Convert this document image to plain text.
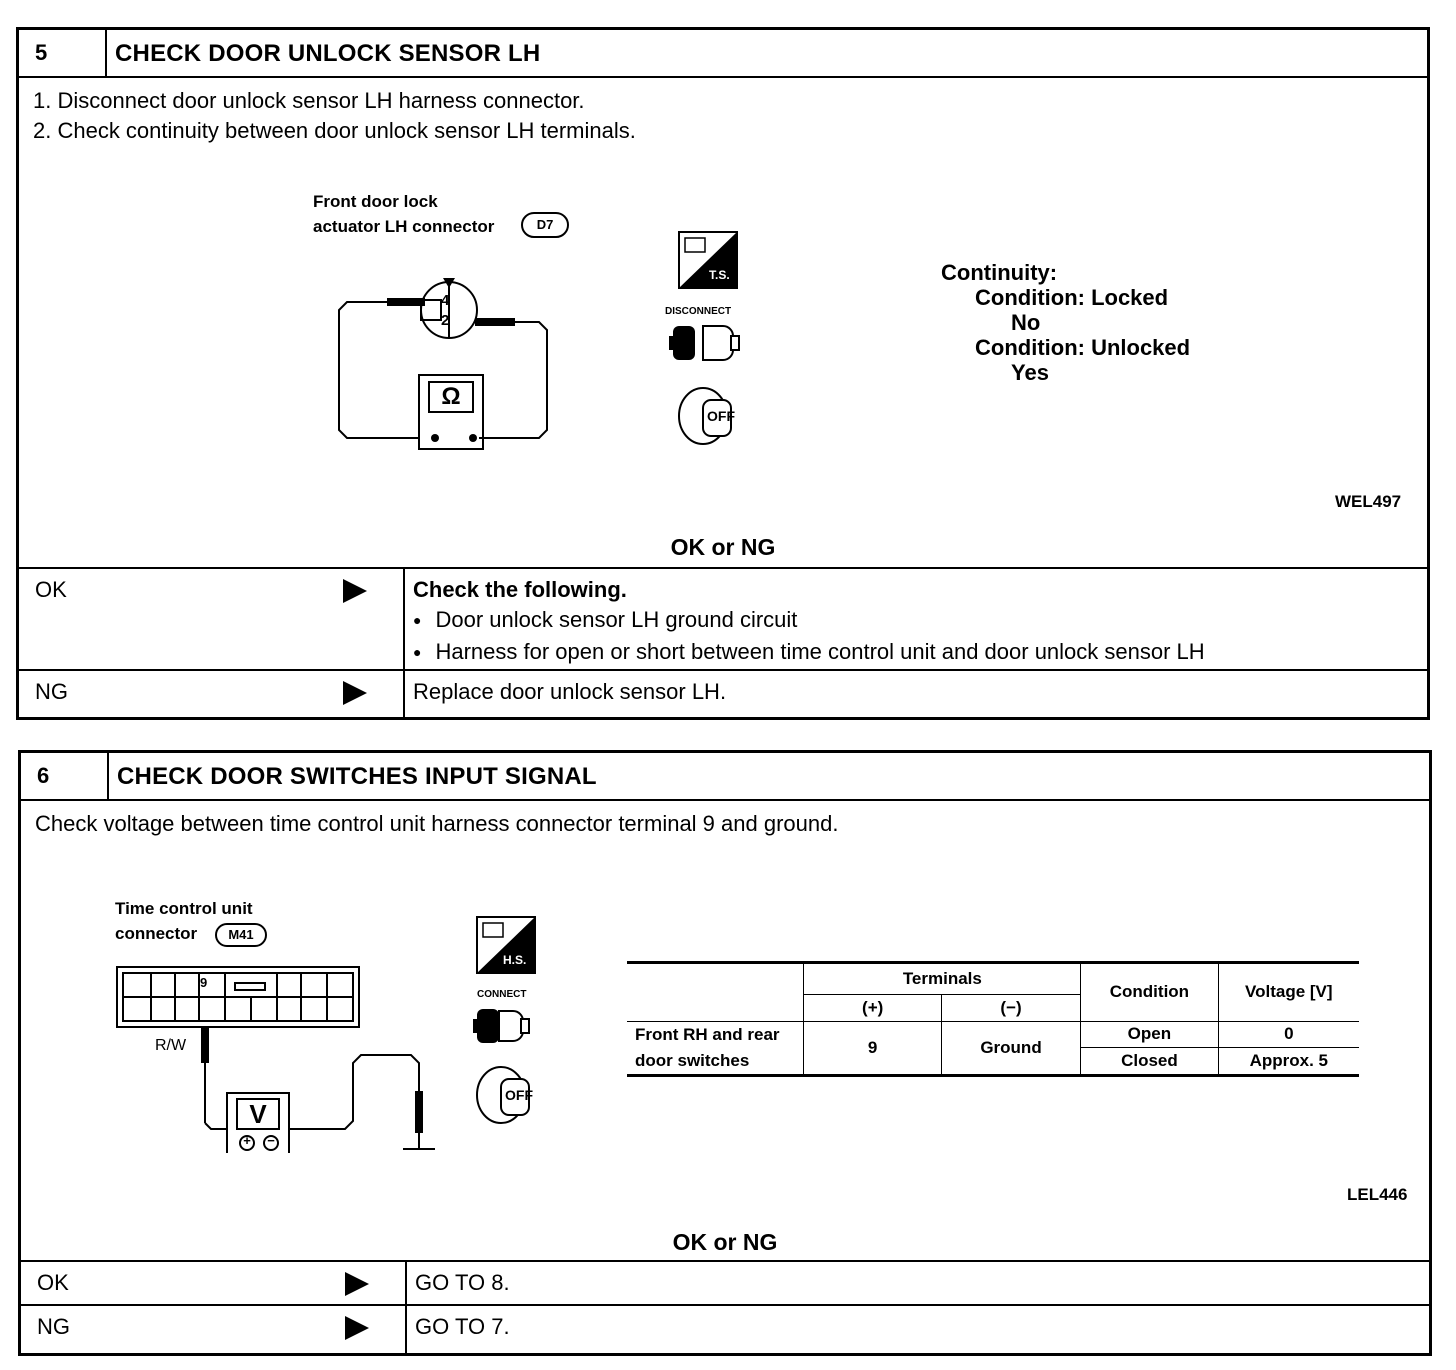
5	CHECK DOOR UNLOCK SENSOR LH
1. Disconnect door unlock sensor LH harness connector.
2. Check continuity between door unlock sensor LH terminals.
Front door lock
actuator LH connector	D7
4
2
Ω
T.S.
DISCONNECT
OFF
Continuity:
Condition: Locked
No
Condition: Unlocked
Yes
WEL497
OK or NG
OK	Check the following.
● Door unlock sensor LH ground circuit
● Harness for open or short between time control unit and door unlock sensor LH
NG	Replace door unlock sensor LH.
6	CHECK DOOR SWITCHES INPUT SIGNAL
Check voltage between time control unit harness connector terminal 9 and ground.
Time control unit
connector	M41
9
R/W
V
+ −
H.S.
CONNECT
OFF
	Terminals		Condition	Voltage [V]
	(+)	(−)		

Front RH and rear
door switches	9	Ground	Open	0
			Closed	Approx. 5
LEL446
OK or NG
OK	GO TO 8.
NG	GO TO 7.
